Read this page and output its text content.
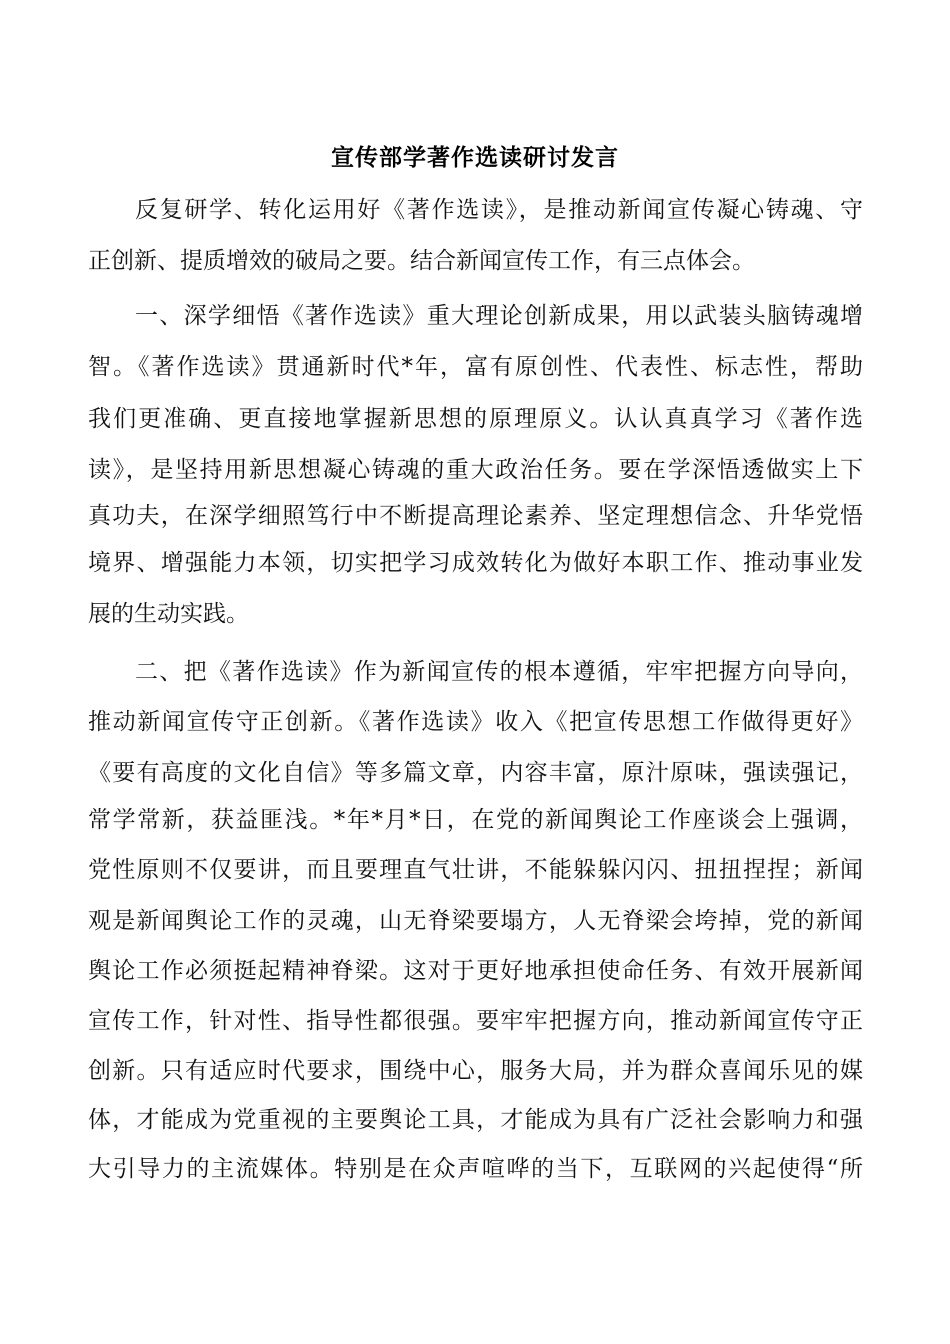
宣传部学著作选读研讨发言
反复研学、转化运用好《著作选读》，是推动新闻宣传凝心铸魂、守
正创新、提质增效的破局之要。结合新闻宣传工作，有三点体会。
一、深学细悟《著作选读》重大理论创新成果，用以武装头脑铸魂增
智。《著作选读》贯通新时代*年，富有原创性、代表性、标志性，帮助
我们更准确、更直接地掌握新思想的原理原义。认认真真学习《著作选
读》，是坚持用新思想凝心铸魂的重大政治任务。要在学深悟透做实上下
真功夫，在深学细照笃行中不断提高理论素养、坚定理想信念、升华党悟
境界、增强能力本领，切实把学习成效转化为做好本职工作、推动事业发
展的生动实践。
二、把《著作选读》作为新闻宣传的根本遵循，牢牢把握方向导向，
推动新闻宣传守正创新。《著作选读》收入《把宣传思想工作做得更好》
《要有高度的文化自信》等多篇文章，内容丰富，原汁原味，强读强记，
常学常新，获益匪浅。*年*月*日，在党的新闻舆论工作座谈会上强调，
党性原则不仅要讲，而且要理直气壮讲，不能躲躲闪闪、扭扭捏捏；新闻
观是新闻舆论工作的灵魂，山无脊梁要塌方，人无脊梁会垮掉，党的新闻
舆论工作必须挺起精神脊梁。这对于更好地承担使命任务、有效开展新闻
宣传工作，针对性、指导性都很强。要牢牢把握方向，推动新闻宣传守正
创新。只有适应时代要求，围绕中心，服务大局，并为群众喜闻乐见的媒
体，才能成为党重视的主要舆论工具，才能成为具有广泛社会影响力和强
大引导力的主流媒体。特别是在众声喧哗的当下，互联网的兴起使得“所
